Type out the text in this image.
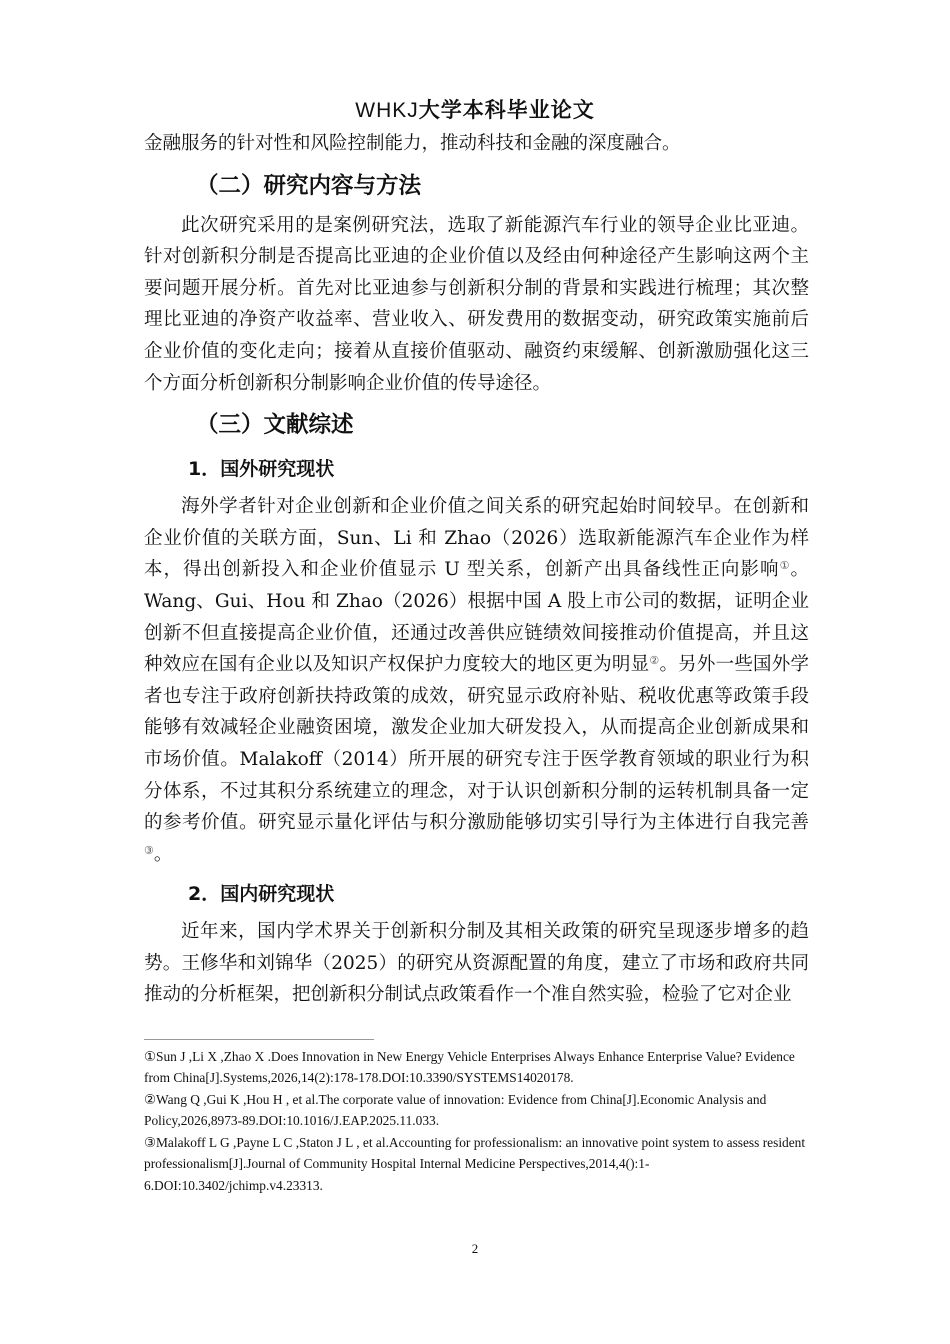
WHKJ大学本科毕业论文

金融服务的针对性和风险控制能力，推动科技和金融的深度融合。

（二）研究内容与方法

此次研究采用的是案例研究法，选取了新能源汽车行业的领导企业比亚迪。针对创新积分制是否提高比亚迪的企业价值以及经由何种途径产生影响这两个主要问题开展分析。首先对比亚迪参与创新积分制的背景和实践进行梳理；其次整理比亚迪的净资产收益率、营业收入、研发费用的数据变动，研究政策实施前后企业价值的变化走向；接着从直接价值驱动、融资约束缓解、创新激励强化这三个方面分析创新积分制影响企业价值的传导途径。

（三）文献综述
1．国外研究现状

海外学者针对企业创新和企业价值之间关系的研究起始时间较早。在创新和企业价值的关联方面，Sun、Li 和 Zhao（2026）选取新能源汽车企业作为样本，得出创新投入和企业价值显示 U 型关系，创新产出具备线性正向影响①。Wang、Gui、Hou 和 Zhao（2026）根据中国 A 股上市公司的数据，证明企业创新不但直接提高企业价值，还通过改善供应链绩效间接推动价值提高，并且这种效应在国有企业以及知识产权保护力度较大的地区更为明显②。另外一些国外学者也专注于政府创新扶持政策的成效，研究显示政府补贴、税收优惠等政策手段能够有效减轻企业融资困境，激发企业加大研发投入，从而提高企业创新成果和市场价值。Malakoff（2014）所开展的研究专注于医学教育领域的职业行为积分体系，不过其积分系统建立的理念，对于认识创新积分制的运转机制具备一定的参考价值。研究显示量化评估与积分激励能够切实引导行为主体进行自我完善③。

2．国内研究现状

近年来，国内学术界关于创新积分制及其相关政策的研究呈现逐步增多的趋势。王修华和刘锦华（2025）的研究从资源配置的角度，建立了市场和政府共同推动的分析框架，把创新积分制试点政策看作一个准自然实验，检验了它对企业

①Sun J ,Li X ,Zhao X .Does Innovation in New Energy Vehicle Enterprises Always Enhance Enterprise Value? Evidence from China[J].Systems,2026,14(2):178-178.DOI:10.3390/SYSTEMS14020178.
②Wang Q ,Gui K ,Hou H , et al.The corporate value of innovation: Evidence from China[J].Economic Analysis and Policy,2026,8973-89.DOI:10.1016/J.EAP.2025.11.033.
③Malakoff L G ,Payne L C ,Staton J L , et al.Accounting for professionalism: an innovative point system to assess resident professionalism[J].Journal of Community Hospital Internal Medicine Perspectives,2014,4():1-6.DOI:10.3402/jchimp.v4.23313.
2
